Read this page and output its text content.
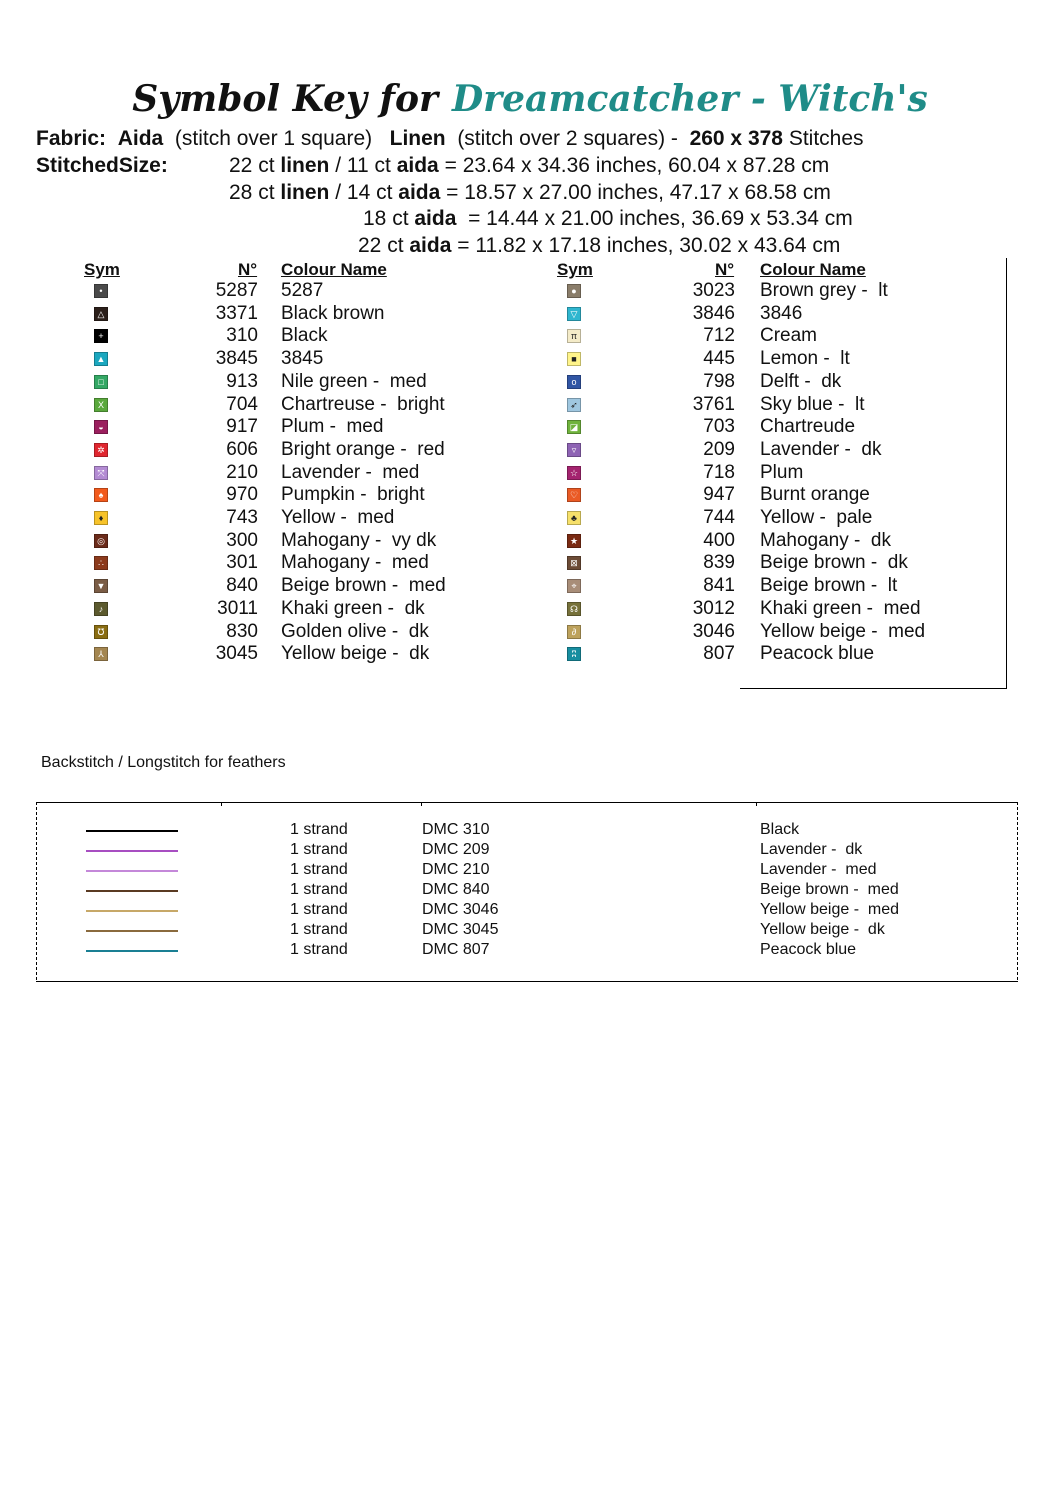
Symbol Key for Dreamcatcher - Witch's
Fabric: Aida (stitch over 1 square) Linen (stitch over 2 squares) - 260 x 378 Stitches
StitchedSize:	22 ct linen / 11 ct aida = 23.64 x 34.36 inches, 60.04 x 87.28 cm
28 ct linen / 14 ct aida = 18.57 x 27.00 inches, 47.17 x 68.58 cm
18 ct aida  = 14.44 x 21.00 inches, 36.69 x 53.34 cm
22 ct aida = 11.82 x 17.18 inches, 30.02 x 43.64 cm
Sym	N° Colour Name	Sym	N° Colour Name
•	5287 5287
△	3371 Black brown
+	310 Black
▲	3845 3845
□	913 Nile green -  med
X	704 Chartreuse -  bright
◒	917 Plum -  med
✲	606 Bright orange -  red
⤧	210 Lavender -  med
♠	970 Pumpkin -  bright
♦	743 Yellow -  med
◎	300 Mahogany -  vy dk
∴	301 Mahogany -  med
▼	840 Beige brown -  med
♪	3011 Khaki green -  dk
℧	830 Golden olive -  dk
⅄	3045 Yellow beige -  dk
●	3023 Brown grey -  lt
▽	3846 3846
π	712 Cream
■	445 Lemon -  lt
o	798 Delft -  dk
➶	3761 Sky blue -  lt
◪	703 Chartreude
▿	209 Lavender -  dk
☆	718 Plum
♡	947 Burnt orange
♣	744 Yellow -  pale
★	400 Mahogany -  dk
⊠	839 Beige brown -  dk
⌖	841 Beige brown -  lt
☊	3012 Khaki green -  med
∂	3046 Yellow beige -  med
ʭ	807 Peacock blue
Backstitch / Longstitch for feathers
1 strand	DMC 310	Black
1 strand	DMC 209	Lavender -  dk
1 strand	DMC 210	Lavender -  med
1 strand	DMC 840	Beige brown -  med
1 strand	DMC 3046	Yellow beige -  med
1 strand	DMC 3045	Yellow beige -  dk
1 strand	DMC 807	Peacock blue
